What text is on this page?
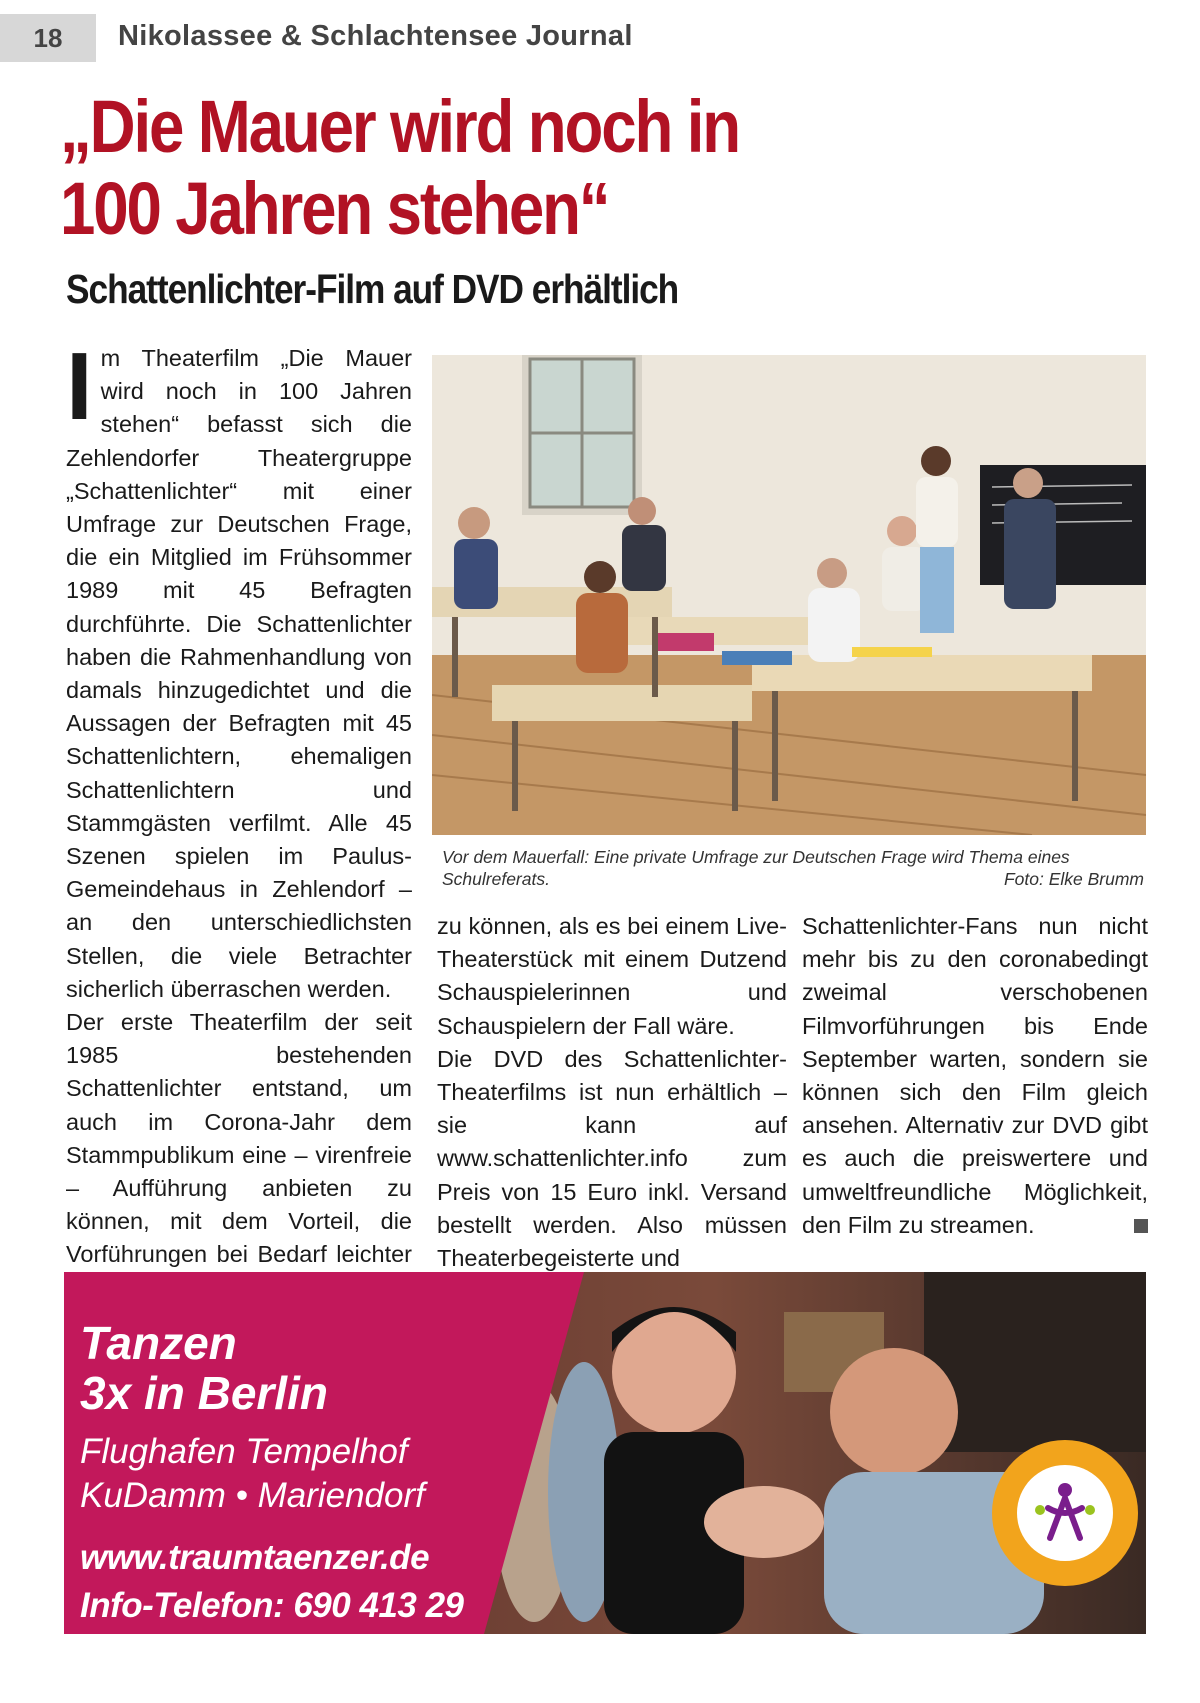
18	Nikolassee & Schlachtensee Journal
„Die Mauer wird noch in
100 Jahren stehen“
Schattenlichter-Film auf DVD erhältlich
I m Theaterfilm „Die Mauer wird noch in 100 Jahren stehen“ befasst sich die Zehlendorfer Theatergruppe „Schattenlichter“ mit einer Umfrage zur Deutschen Frage, die ein Mitglied im Frühsommer 1989 mit 45 Befragten durchführte. Die Schattenlichter haben die Rahmenhandlung von damals hinzugedichtet und die Aussagen der Befragten mit 45 Schattenlichtern, ehemaligen Schattenlichtern und Stammgästen verfilmt. Alle 45 Szenen spielen im Paulus-Gemeindehaus in Zehlendorf – an den unterschiedlichsten Stellen, die viele Betrachter sicherlich überraschen werden.
Der erste Theaterfilm der seit 1985 bestehenden Schattenlichter entstand, um auch im Corona-Jahr dem Stammpublikum eine – virenfreie – Aufführung anbieten zu können, mit dem Vorteil, die Vorführungen bei Bedarf leichter
Vor dem Mauerfall: Eine private Umfrage zur Deutschen Frage wird Thema eines Schulreferats.	Foto: Elke Brumm
zu können, als es bei einem Live-Theaterstück mit einem Dutzend Schauspielerinnen und Schauspielern der Fall wäre.
Die DVD des Schattenlichter-Theaterfilms ist nun erhältlich – sie kann auf www.schattenlichter.info zum Preis von 15 Euro inkl. Versand bestellt werden. Also müssen Theaterbegeisterte und
Schattenlichter-Fans nun nicht mehr bis zu den coronabedingt zweimal verschobenen Filmvorführungen bis Ende September warten, sondern sie können sich den Film gleich ansehen. Alternativ zur DVD gibt es auch die preiswertere und umweltfreundliche Möglichkeit, den Film zu streamen.
Tanzen
3x in Berlin
Flughafen Tempelhof
KuDamm • Mariendorf
www.traumtaenzer.de
Info-Telefon: 690 413 29
